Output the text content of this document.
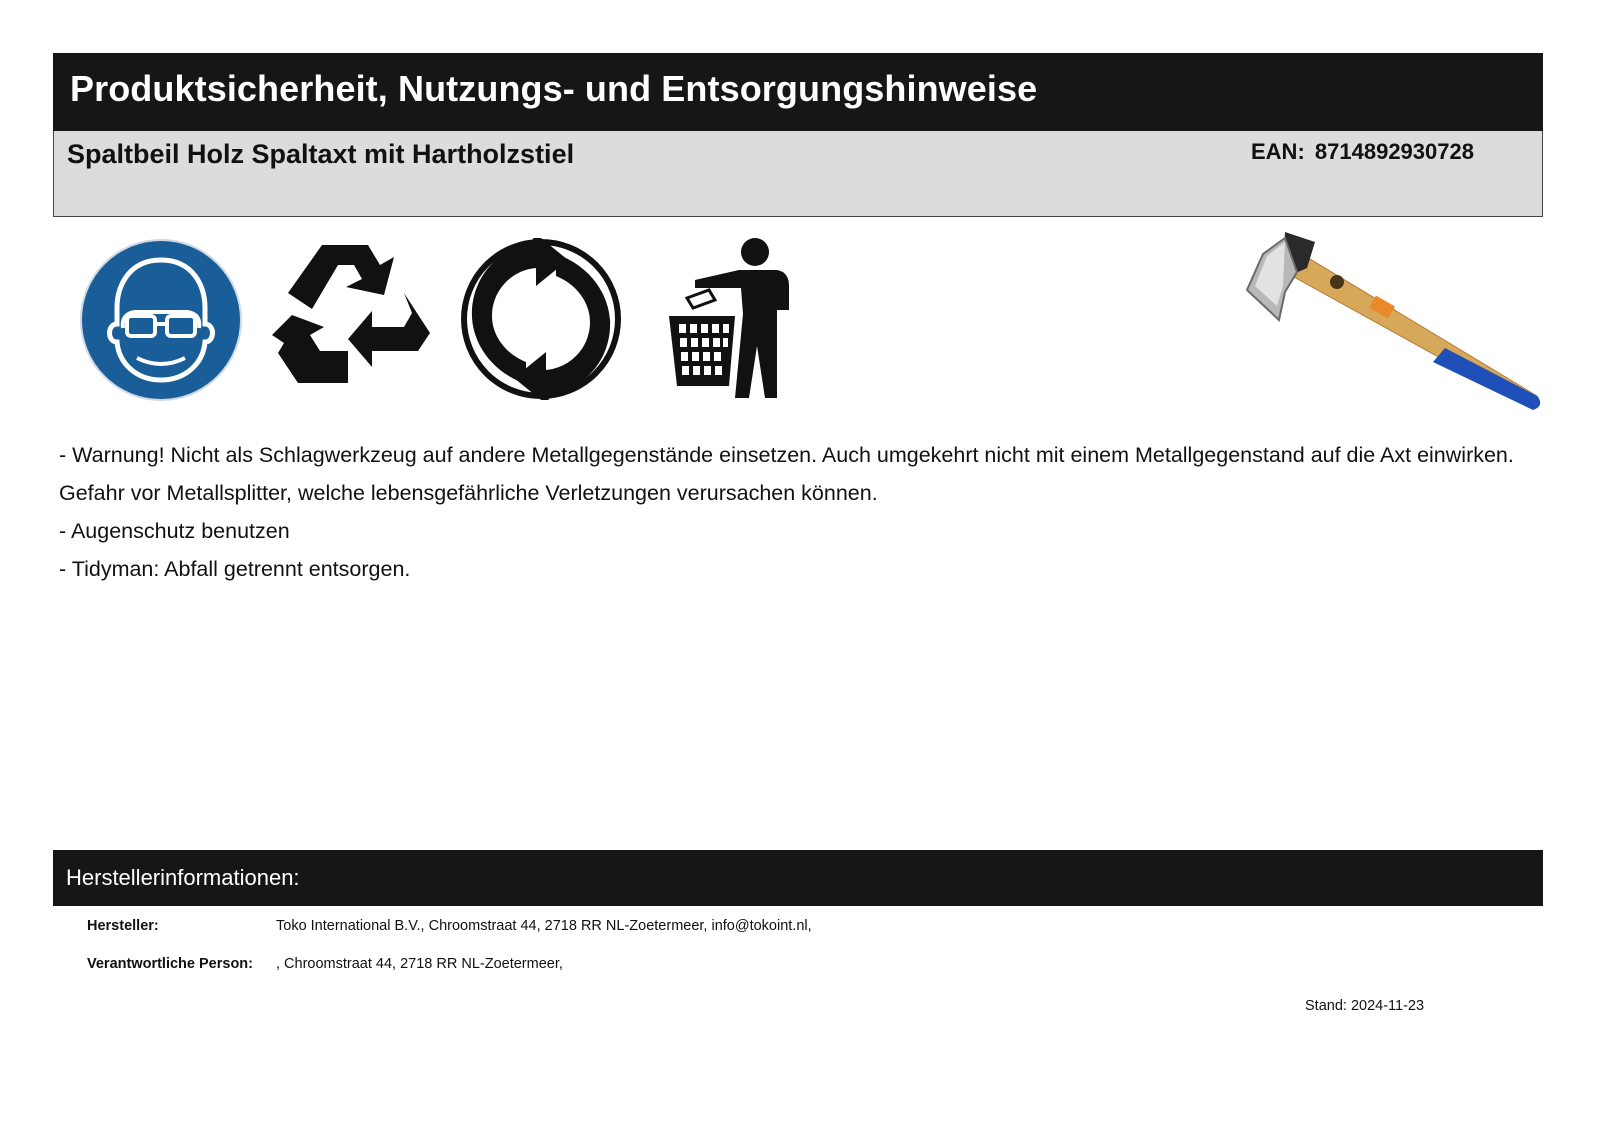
Produktsicherheit, Nutzungs- und Entsorgungshinweise
Spaltbeil Holz Spaltaxt mit Hartholzstiel	EAN: 8714892930728

- Warnung! Nicht als Schlagwerkzeug auf andere Metallgegenstände einsetzen. Auch umgekehrt nicht mit einem Metallgegenstand auf die Axt einwirken. Gefahr vor Metallsplitter, welche lebensgefährliche Verletzungen verursachen können.

- Augenschutz benutzen

- Tidyman: Abfall getrennt entsorgen.

Herstellerinformationen:
Hersteller:	Toko International B.V., Chroomstraat 44, 2718 RR NL-Zoetermeer, info@tokoint.nl,
Verantwortliche Person: , Chroomstraat 44, 2718 RR NL-Zoetermeer,
Stand: 2024-11-23
